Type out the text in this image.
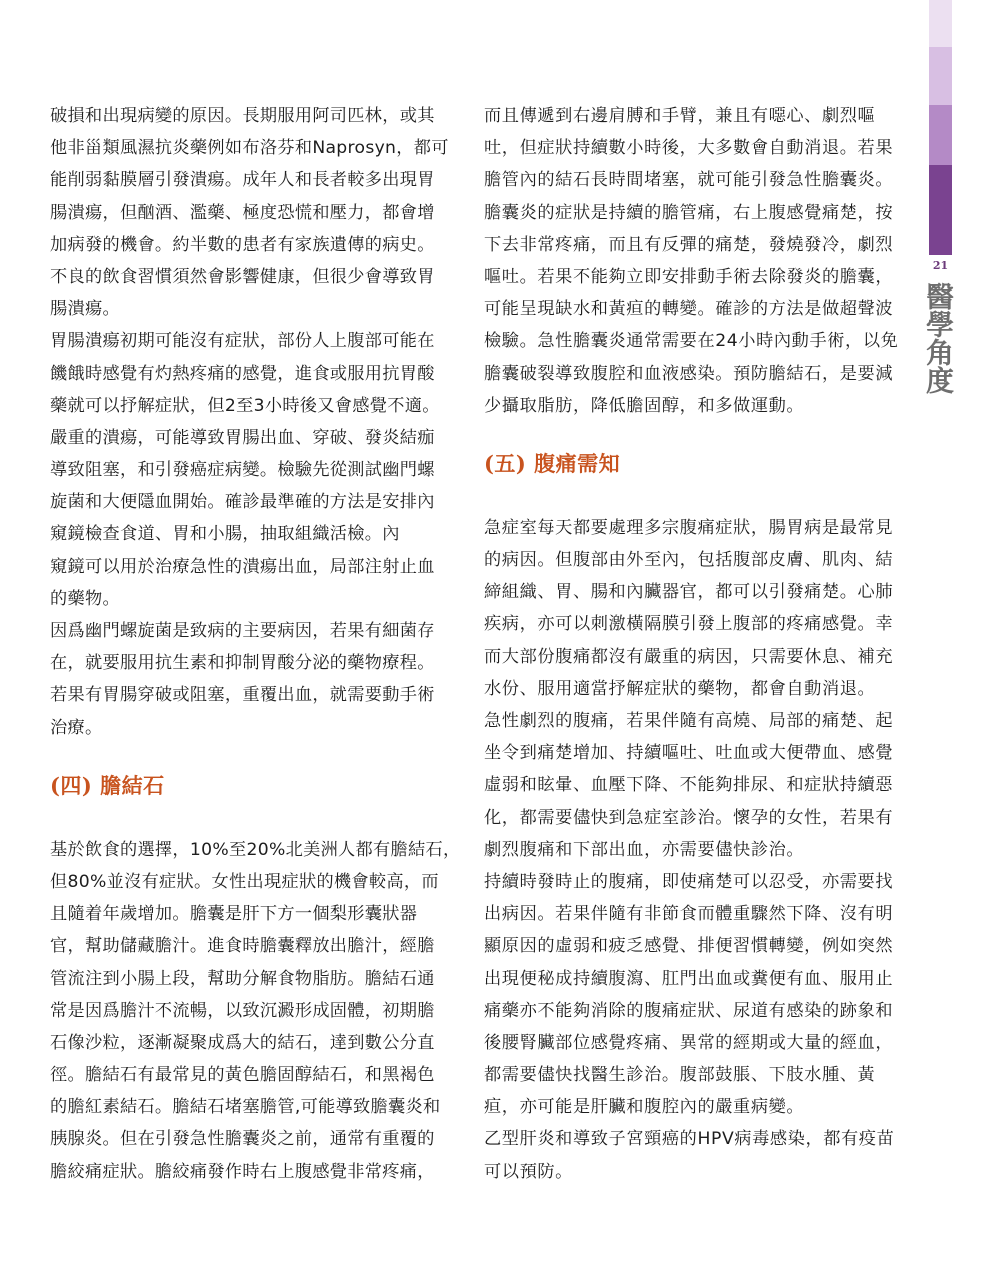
21
醫學角度
破損和出現病變的原因。長期服用阿司匹林，或其
他非甾類風濕抗炎藥例如布洛芬和Naprosyn，都可
能削弱黏膜層引發潰瘍。成年人和長者較多出現胃
腸潰瘍，但酗酒、濫藥、極度恐慌和壓力，都會增
加病發的機會。約半數的患者有家族遺傳的病史。
不良的飲食習慣須然會影響健康，但很少會導致胃
腸潰瘍。
胃腸潰瘍初期可能沒有症狀，部份人上腹部可能在
饑餓時感覺有灼熱疼痛的感覺，進食或服用抗胃酸
藥就可以抒解症狀，但2至3小時後又會感覺不適。
嚴重的潰瘍，可能導致胃腸出血、穿破、發炎結痂
導致阻塞，和引發癌症病變。檢驗先從測試幽門螺
旋菌和大便隱血開始。確診最準確的方法是安排內
窺鏡檢查食道、胃和小腸，抽取組織活檢。內
窺鏡可以用於治療急性的潰瘍出血，局部注射止血
的藥物。
因爲幽門螺旋菌是致病的主要病因，若果有細菌存
在，就要服用抗生素和抑制胃酸分泌的藥物療程。
若果有胃腸穿破或阻塞，重覆出血，就需要動手術
治療。
(四) 膽結石
基於飲食的選擇，10%至20%北美洲人都有膽結石，
但80%並沒有症狀。女性出現症狀的機會較高，而
且隨着年歲增加。膽囊是肝下方一個梨形囊狀器
官，幫助儲藏膽汁。進食時膽囊釋放出膽汁，經膽
管流注到小腸上段，幫助分解食物脂肪。膽結石通
常是因爲膽汁不流暢，以致沉澱形成固體，初期膽
石像沙粒，逐漸凝聚成爲大的結石，達到數公分直
徑。膽結石有最常見的黃色膽固醇結石，和黑褐色
的膽紅素結石。膽結石堵塞膽管,可能導致膽囊炎和
胰腺炎。但在引發急性膽囊炎之前，通常有重覆的
膽絞痛症狀。膽絞痛發作時右上腹感覺非常疼痛，
而且傳遞到右邊肩膊和手臂，兼且有噁心、劇烈嘔
吐，但症狀持續數小時後，大多數會自動消退。若果
膽管內的結石長時間堵塞，就可能引發急性膽囊炎。
膽囊炎的症狀是持續的膽管痛，右上腹感覺痛楚，按
下去非常疼痛，而且有反彈的痛楚，發燒發冷，劇烈
嘔吐。若果不能夠立即安排動手術去除發炎的膽囊，
可能呈現缺水和黃疸的轉變。確診的方法是做超聲波
檢驗。急性膽囊炎通常需要在24小時內動手術，以免
膽囊破裂導致腹腔和血液感染。預防膽結石，是要減
少攝取脂肪，降低膽固醇，和多做運動。
(五) 腹痛需知
急症室每天都要處理多宗腹痛症狀，腸胃病是最常見
的病因。但腹部由外至內，包括腹部皮膚、肌肉、結
締組織、胃、腸和內臟器官，都可以引發痛楚。心肺
疾病，亦可以刺激橫隔膜引發上腹部的疼痛感覺。幸
而大部份腹痛都沒有嚴重的病因，只需要休息、補充
水份、服用適當抒解症狀的藥物，都會自動消退。
急性劇烈的腹痛，若果伴隨有高燒、局部的痛楚、起
坐令到痛楚增加、持續嘔吐、吐血或大便帶血、感覺
虛弱和眩暈、血壓下降、不能夠排尿、和症狀持續惡
化，都需要儘快到急症室診治。懷孕的女性，若果有
劇烈腹痛和下部出血，亦需要儘快診治。
持續時發時止的腹痛，即使痛楚可以忍受，亦需要找
出病因。若果伴隨有非節食而體重驟然下降、沒有明
顯原因的虛弱和疲乏感覺、排便習慣轉變，例如突然
出現便秘成持續腹瀉、肛門出血或糞便有血、服用止
痛藥亦不能夠消除的腹痛症狀、尿道有感染的跡象和
後腰腎臟部位感覺疼痛、異常的經期或大量的經血，
都需要儘快找醫生診治。腹部鼓脹、下肢水腫、黃
疸，亦可能是肝臟和腹腔內的嚴重病變。
乙型肝炎和導致子宮頸癌的HPV病毒感染，都有疫苗
可以預防。
